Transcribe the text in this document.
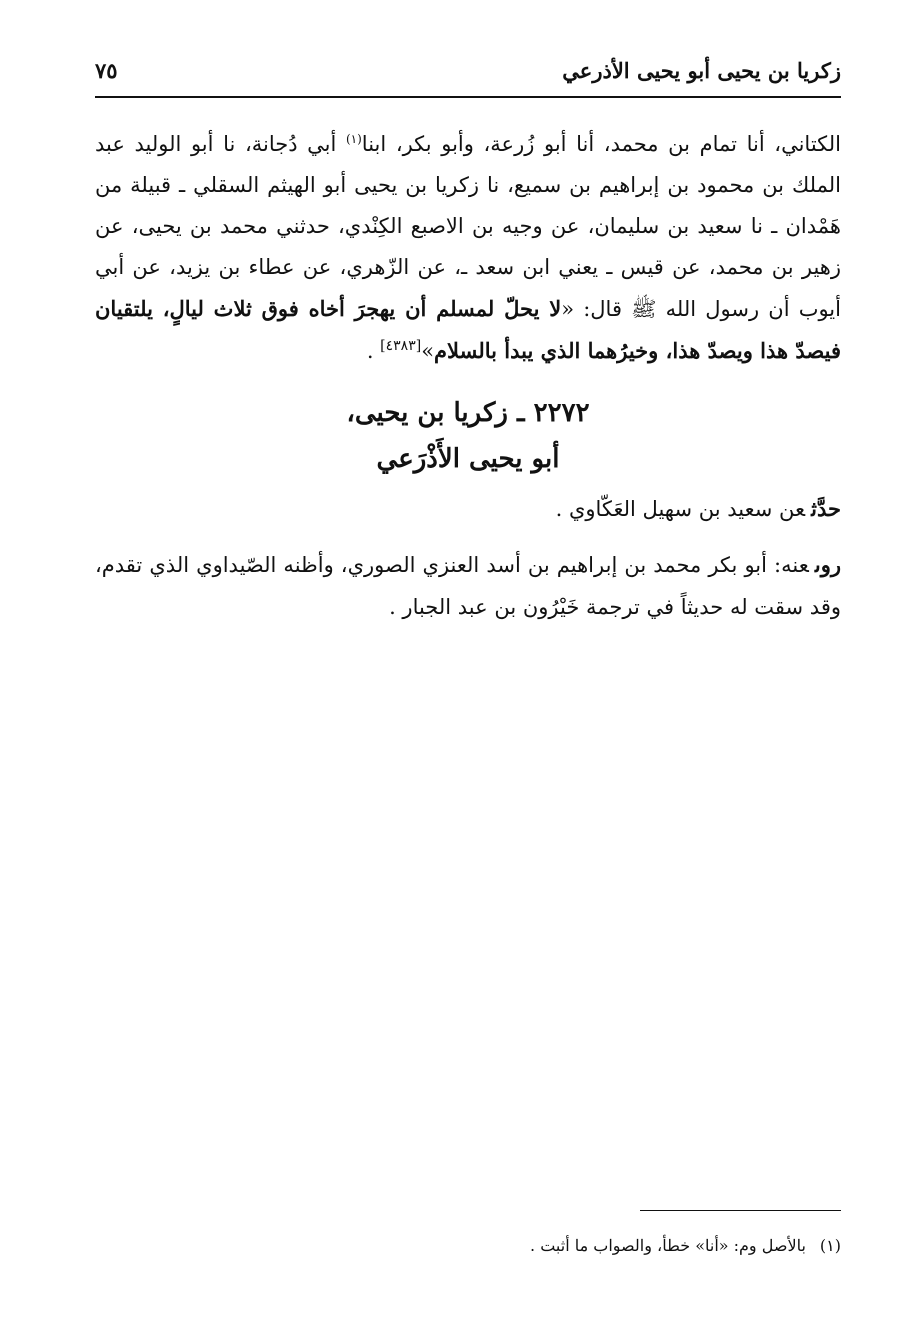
زكريا بن يحيى أبو يحيى الأذرعي
٧٥

الكتاني، أنا تمام بن محمد، أنا أبو زُرعة، وأبو بكر، ابنا$^{(١)}$ أبي دُجانة، نا أبو الوليد عبد الملك بن محمود بن إبراهيم بن سميع، نا زكريا بن يحيى أبو الهيثم السقلي ـ قبيلة من هَمْدان ـ نا سعيد بن سليمان، عن وجيه بن الاصبع الكِنْدي، حدثني محمد بن يحيى، عن زهير بن محمد، عن قيس ـ يعني ابن سعد ـ، عن الزّهري، عن عطاء بن يزيد، عن أبي أيوب أن رسول الله ﷺ قال: «لا يحلّ لمسلم أن يهجرَ أخاه فوق ثلاث ليالٍ، يلتقيان فيصدّ هذا ويصدّ هذا، وخيرُهما الذي يبدأ بالسلام»[٤٣٨٣] .

٢٢٧٢ ـ زكريا بن يحيى،
أبو يحيى الأَذْرَعي
حدَّثعن سعيد بن سهيل العَكّاوي .
روىعنه: أبو بكر محمد بن إبراهيم بن أسد العنزي الصوري، وأظنه الصّيداوي الذي تقدم، وقد سقت له حديثاً في ترجمة خَيْرُون بن عبد الجبار .
(١)بالأصل وم: «أنا» خطأ، والصواب ما أثبت .
